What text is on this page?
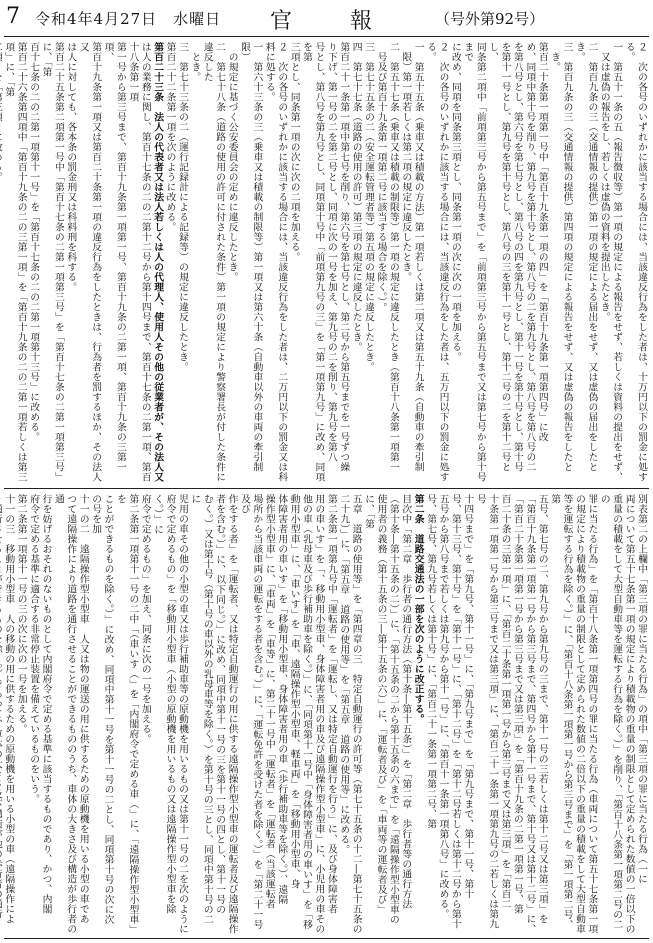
7 令和4年4月27日　水曜日 官　報	（号外第92号）
２　次の各号のいずれかに該当する場合には、当該違反行為をした者は、十万円以下の罰金に処す
る。
一　第五十一条の五（報告徴収等）第一項の規定による報告をせず、若しくは資料の提出をせず、
又は虚偽の報告をし、若しくは虚偽の資料を提出したとき。
二　第百九条の三（交通情報の提供）第一項の規定による届出をせず、又は虚偽の届出をしたとき。
三　第百九条の三（交通情報の提供）第四項の規定による報告をせず、又は虚偽の報告をしたと
き。
第百二十条第一項第一号中「第百十九条第一項の四」を「第百十九条第一項第四号」に改
め、同項中第十号を削り、第九号を第十号とし、第八号の二を第九号とし、第八号を第八号の二
を第八号とし、第六号を第七号とし、第八号の四を第九号とし、第十一号を第十号とし、第十号
を第十一号とし、第九号を第十号とし、第八号の三を第十一号とし、第十二号の二を第十二号とし、
同条第二項中「前項第三号から第五号まで」を「前項第三号から第五号まで又は第七号から第十号まで
に改め、同項を同条第三項とし、同条第一項の次に次の一項を加える。
２　次の各号のいずれかに該当する場合には、当該違反行為をした者は、五万円以下の罰金に処す
る。
一　第五十五条（乗車又は積載の方法）第一項若しくは第二項又は第五十九条（自動車の牽引制
限）第一項若しくは第二項の規定に違反したとき。
二　第五十七条（乗車又は積載の制限等）第一項の規定に違反したとき（第百十八条第一項第一
号及び第百十九条第一項第二号に該当する場合を除く。）。
三　第七十五条の二（安全運転管理者等）第五項の規定に違反したとき。
四　第七十七条（道路の使用の許可）第三項の規定に違反したとき。
第百二十一条第一項中第七号を削り、第六号を第七号とし、第二号から第五号までを一号ずつ繰
り下げ、第一号の二を第二号とし、同項に次の一号を加え、第九号の二を削り、第九号を第八
号とし、第八号を第九号とし、同項第十号中「前項第九号の三」を「第一項第九号」に改め、同項を第
三項とし、同条第一項の次に次の二項を加える。
２　次の各号のいずれかに該当する場合には、当該違反行為をした者は、二万円以下の罰金又は科
料に処する。
一　第六十三条の三（乗車又は積載の制限等）第一項又は第六十条（自動車以外の車両の牽引制限）
の規定に基づく公安委員会の定めに違反したとき。
二　第七十八条（道路の使用の許可に付された条件）第一項の規定により警察署長が付した条件に違反した
とき。
三　第七十三条の二（運行記録計による記録等）の規定に違反したとき。
第百二十二条第一項を次のように改める。
第百二十三条　法人の代表者又は法人若しくは人の代理人、使用人その他の従業者が、その法人又
は人の業務に関し、第百十七条の二の二第十二号から第十四号まで、第百十七条の二第一項、第百十八条第一項
第一号から第三号まで、第百十九条第一項第一号、第百十九条の二第一項、第百十九条の三第一項、
第百十九条第一項又は第百二十条第一項の違反行為をしたときは、行為者を罰するほか、その法人又
は人に対しても、各本条の罰金刑又は科料刑を科する。
第百二十五条第二項第一号中「第百十七条の二第一項第三号」を「第百十七条の二第一項第三号」に、「第
百十七条の二の二第一項第十一号」を「第百十七条の二の二第一項第十三号」に改める。
第百二十六条第四項中「第百十九条の二の三第一項」を「第百十九条の二の二第一項若しくは第三項」に、「第
別表第二の上欄中「第三項の罪に当たる行為」の項中「第三項の罪に当たる行為（一に
両について第五十七条第一項の規定により積載物の重量の制限として定められた数値の一倍以下の
重量の積載をして大型自動車等を運転する行為を除く。）」を削り、「第百十八条第一項第二号の二の
罪に当たる行為」を「第百十八条第一項第四号の罪に当たる行為（車両について第五十七条第一項
の規定により積載物の重量の制限として定められた数値の二倍以下の重量の積載をして大型自動車
等を運転する行為を除く。）」に、「第百十八条第一項第一号から第三号まで」を「第一項第二号、第
五号、第七号の二、第九号から第九号の三まで、第十一号の三若しくは第十二号又は第三項」を
「第百十九条第一項第一号から第三号まで、第四号から第十一号まで、第十号又は第十二号」に、
「第百二十条第一項第一号から第三号まで又は第三項」を「第百十九条の二第一項第一号、第
百二十条の三第一項」に、「第百二十条第一項第一号から第三号まで又は第三項」を「第百二
十条第一項第一号から第三号まで又は第三項」に、「第百二十一条第一項第九号の二若しくは第九号
十四号まで」を「第九号、第十一号」に、「第九号まで」を「第九号まで、第十一号、第十
号、第十三号、第十号」を「第十一号」に、「第十二号」を「第十二号若しくは第十二号から第十
五号から第八号まで若しくは第九号から第十一号」に、「第百十一条第一項第八号」に改める。
号、第七号、第九号若しくは第十号」に、「第百二十一条第一項第二号、第
第二条　道路交通法の一部を次のように改正する。
目次中「第二章　歩行者の通行方法（第十条―第十五条）」を「第二章　歩行者等の通行方法
（第十条―第十五条の二）」に、「第十五条の二から第十五条の六まで」を「遠隔操作型小型車の
使用者の義務（第十五条の三―第十五条の六）」に、「運転者及び」を「車両等の運転者及び」に、「第
五章　道路の使用等」を「第四章の三　特定自動運行の許可等（第七十五条の十二―第七十五条の
二十九）」に、「第五章　道路の使用等」を「第五章　道路の使用等」に改める。
第二条第一項第九号中「運転者」を「運転し、又は特定自動運行を行う」に、及び身体障害者
用の車いす」を「、移動用小型車、身体障害者用の車及び遠隔操作型小型車」に、小児用の車その
他の車（乳母車及び歩行補助車を除く。）」に、「同項第十一号中「身体障害者用の車いす」を「移
動用小型車」に、「車いす」を「車、遠隔操作型小型車、軽車両」を「移動用小型車、身
体障害者用の車いす」を「移動用小型車、身体障害者用の車（歩行補助車等を除く。）、遠隔
操作型小型車」に、「車両」を「車等」に、第二十一号中「運転者」を「運転者（当該運転者
場所から当該車両の運転をする者を含む。）」に、「運転免許を受けた者を除く。）」を「第二十一号及び
作をする者」を「運転者、又は特定自動運行の用に供する遠隔操作型小型車の運転者及び遠隔操作
者を含む。）」に、以下同じ。）」に改め、同項中第十一号の三を第十一号の四とし、第十一号の
むく。）又は第十号（第十号の車以外の乳母車等を除く。）を第十号の三とし、同項中第十号の二に
児用の車その他の小型の車又は歩行補助車等の原動機を用いるもの又は第十一号の二を次のように
府令で定めるもの」を「移動用小型車（小型の原動機を用いるもの又は遠隔操作型小型車を除く。）」に
府令で定めるもの」を加え、同条に次の一号を加える。
第二条第一項第十一号の二中「（車いす（」を「内閣府令で定める車（」に、「遠隔操作型小型車」を
ことができるものを除く。）」に改め、同項中第十一号を第十一号の二とし、同項第十号の次に次の号を加
十一の二　遠隔操作型小型車　人又は物の運送の用に供するための原動機を用いる小型の車であ
つて遠隔操作により道路を通行させることができるもののうち、車体の大きさ及び構造が歩行者の通
行を妨げるおそれのないものとして内閣府令で定める基準に該当するものであり、かつ、内閣
府令で定める基準に適合する非常停止装置を備えているものをいう。
第二条第一項第十一号の三の次に次の一号を加える。
十一の三　移動用小型車　人の移動の用に供するための原動機を用いる小型の車（遠隔操作によ
